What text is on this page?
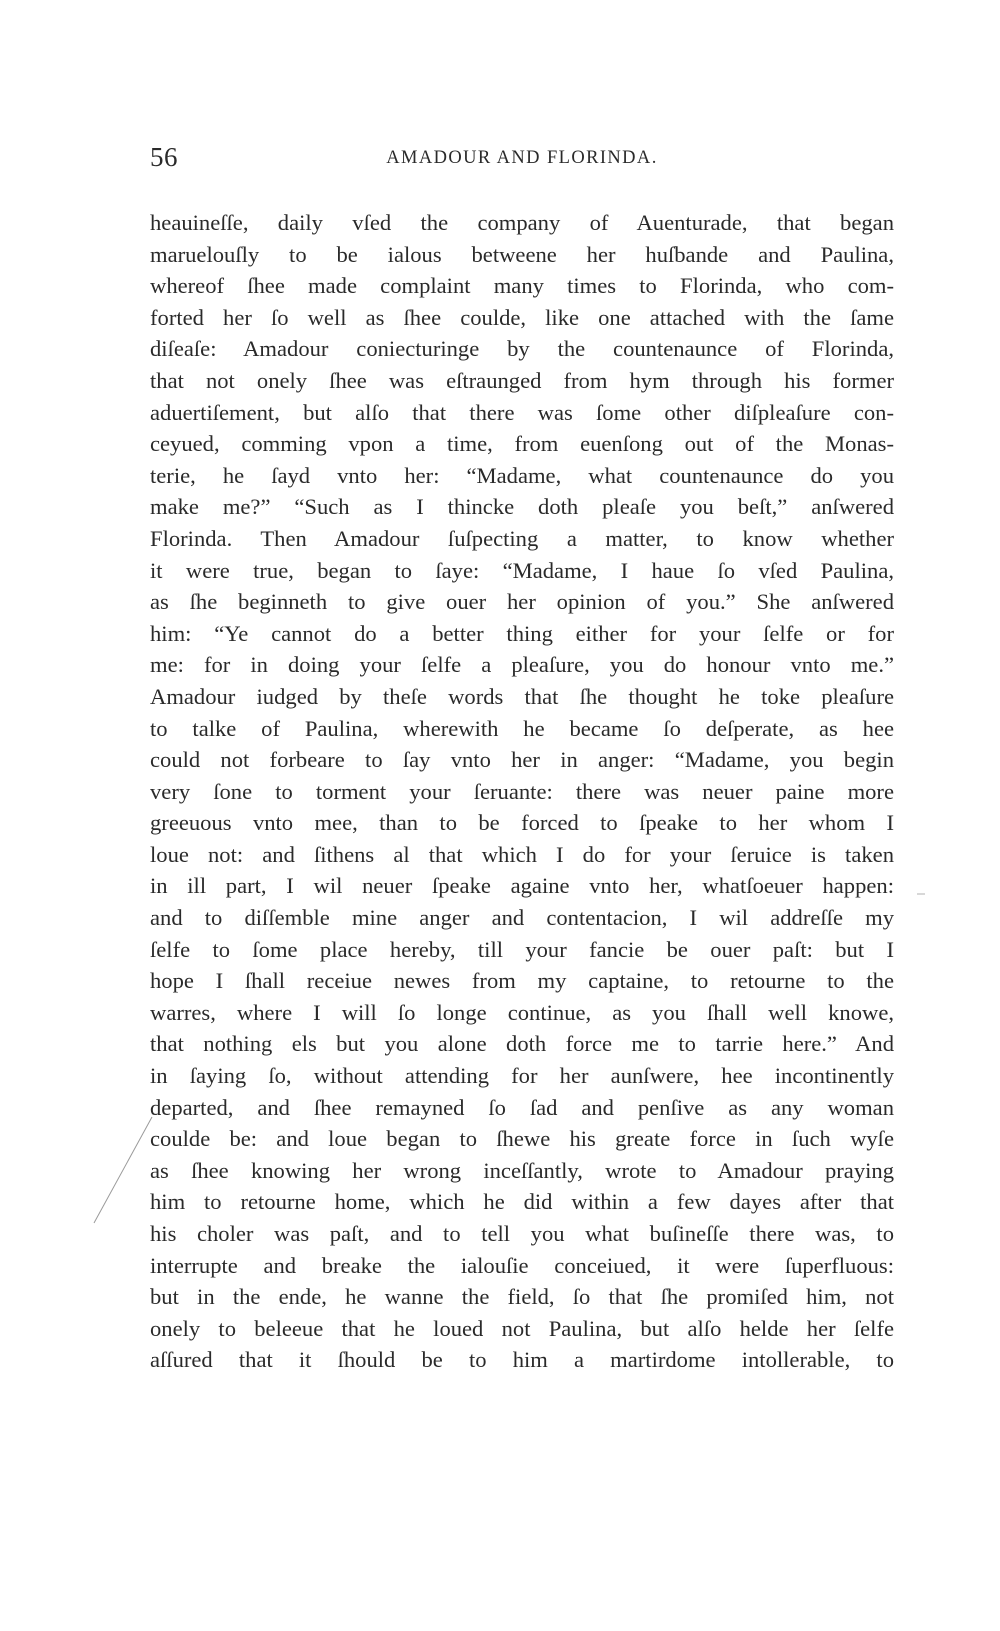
56	AMADOUR AND FLORINDA.
heauineſſe, daily vſed the company of Auenturade, that began
maruelouſly to be ialous betweene her huſbande and Paulina,
whereof ſhee made complaint many times to Florinda, who com-
forted her ſo well as ſhee coulde, like one attached with the ſame
diſeaſe: Amadour coniecturinge by the countenaunce of Florinda,
that not onely ſhee was eſtraunged from hym through his former
aduertiſement, but alſo that there was ſome other diſpleaſure con-
ceyued, comming vpon a time, from euenſong out of the Monas-
terie, he ſayd vnto her: “Madame, what countenaunce do you
make me?” “Such as I thincke doth pleaſe you beſt,” anſwered
Florinda. Then Amadour ſuſpecting a matter, to know whether
it were true, began to ſaye: “Madame, I haue ſo vſed Paulina,
as ſhe beginneth to give ouer her opinion of you.” She anſwered
him: “Ye cannot do a better thing either for your ſelfe or for
me: for in doing your ſelfe a pleaſure, you do honour vnto me.”
Amadour iudged by theſe words that ſhe thought he toke pleaſure
to talke of Paulina, wherewith he became ſo deſperate, as hee
could not forbeare to ſay vnto her in anger: “Madame, you begin
very ſone to torment your ſeruante: there was neuer paine more
greeuous vnto mee, than to be forced to ſpeake to her whom I
loue not: and ſithens al that which I do for your ſeruice is taken
in ill part, I wil neuer ſpeake againe vnto her, whatſoeuer happen:
and to diſſemble mine anger and contentacion, I wil addreſſe my
ſelfe to ſome place hereby, till your fancie be ouer paſt: but I
hope I ſhall receiue newes from my captaine, to retourne to the
warres, where I will ſo longe continue, as you ſhall well knowe,
that nothing els but you alone doth force me to tarrie here.” And
in ſaying ſo, without attending for her aunſwere, hee incontinently
departed, and ſhee remayned ſo ſad and penſive as any woman
coulde be: and loue began to ſhewe his greate force in ſuch wyſe
as ſhee knowing her wrong inceſſantly, wrote to Amadour praying
him to retourne home, which he did within a few dayes after that
his choler was paſt, and to tell you what buſineſſe there was, to
interrupte and breake the ialouſie conceiued, it were ſuperfluous:
but in the ende, he wanne the field, ſo that ſhe promiſed him, not
onely to beleeue that he loued not Paulina, but alſo helde her ſelfe
aſſured that it ſhould be to him a martirdome intollerable, to
